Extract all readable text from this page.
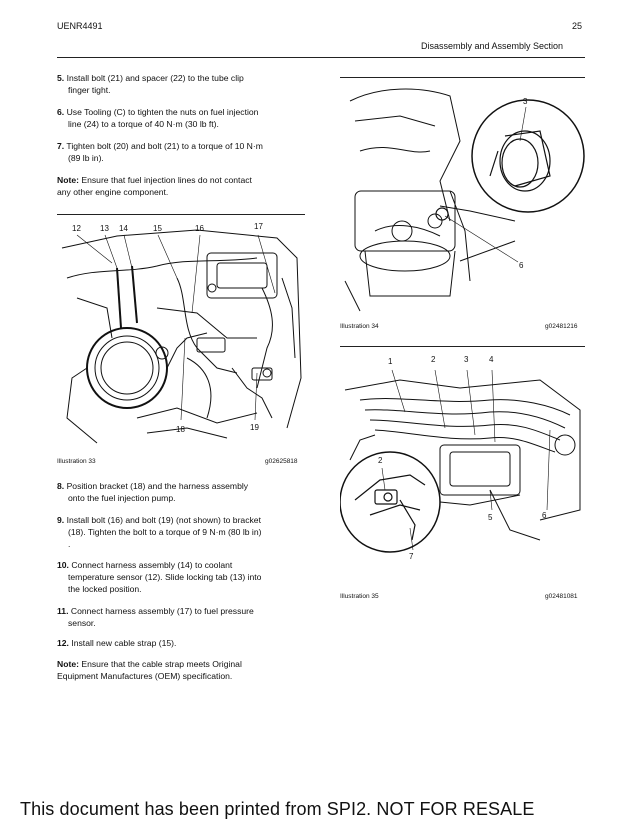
UENR4491	25
Disassembly and Assembly Section
5. Install bolt (21) and spacer (22) to the tube clip
finger tight.
6. Use Tooling (C) to tighten the nuts on fuel injection
line (24) to a torque of 40 N·m (30 lb ft).
7. Tighten bolt (20) and bolt (21) to a torque of 10 N·m
(89 lb in).
Note: Ensure that fuel injection lines do not contact
any other engine component.
12 13 14	15	16	17
18	19
Illustration 33	g02625818
8. Position bracket (18) and the harness assembly
onto the fuel injection pump.
9. Install bolt (16) and bolt (19) (not shown) to bracket
(18). Tighten the bolt to a torque of 9 N·m (80 lb in)
.
10. Connect harness assembly (14) to coolant
temperature sensor (12). Slide locking tab (13) into
the locked position.
11. Connect harness assembly (17) to fuel pressure
sensor.
12. Install new cable strap (15).
Note: Ensure that the cable strap meets Original
Equipment Manufactures (OEM) specification.
3
6
Illustration 34	g02481216
1	2	3	4
2
5	6
7
Illustration 35	g02481081
This document has been printed from SPI2. NOT FOR RESALE
